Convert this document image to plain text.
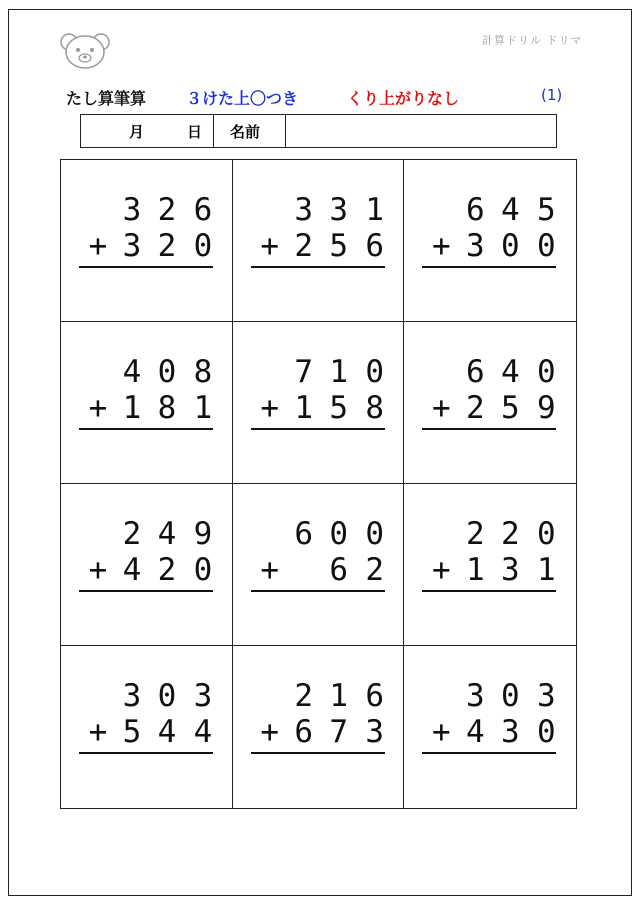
計算ドリル ドリマ
たし算筆算 ３けた上〇つき	くり上がりなし	(1)
月	日 名前
3 2 6
+ 3 2 0
3 3 1
+ 2 5 6
6 4 5
+ 3 0 0
4 0 8
+ 1 8 1
7 1 0
+ 1 5 8
6 4 0
+ 2 5 9
2 4 9
+ 4 2 0
6 0 0
+ 6 2
2 2 0
+ 1 3 1
3 0 3
+ 5 4 4
2 1 6
+ 6 7 3
3 0 3
+ 4 3 0
